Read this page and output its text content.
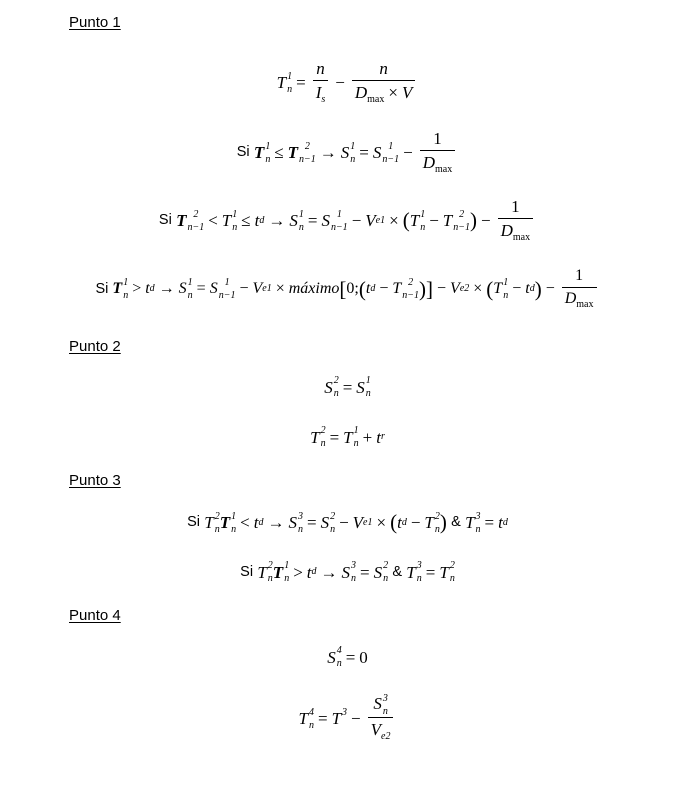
Punto 1
T 1
$n = \frac{n}{I_s} - \frac{n}{D_{max} \times V}$
Si
T 1
n ≤ T 2
n−1 → S 1
n = S 1
$n-1 - \frac{1}{D_{max}}$
Si
T 2
n−1 < T 1
n ≤ t d → S 1
n = S 1
n−1 − V e1 × ( T 1
n − T 2
n−1 ) − $\frac{1}{D_{max}}$
Si
T 1
n > t d → S 1
n = S 1
n−1 − V e1 × máximo [ 0; ( t d − T 2
n−1 )] − V e2 × ( T 1
n − t d ) − $\frac{1}{D_{max}}$
Punto 2
S 2
n = S 1
n
T 2
n = T 1
n + t r
Punto 3
Si
T 2
n T 1
n < t d → S 3
n = S 2
n − V e1 × ( t d − T 2
n )
&
T 3
n = t d
Si
T 2
n T 1
n > t d → S 3
n = S 2
n
&
T 3
n = T 2
n
Punto 4
S 4
n = 0
T 4
n = T 3
− S 3
n
$V_{e2}$
